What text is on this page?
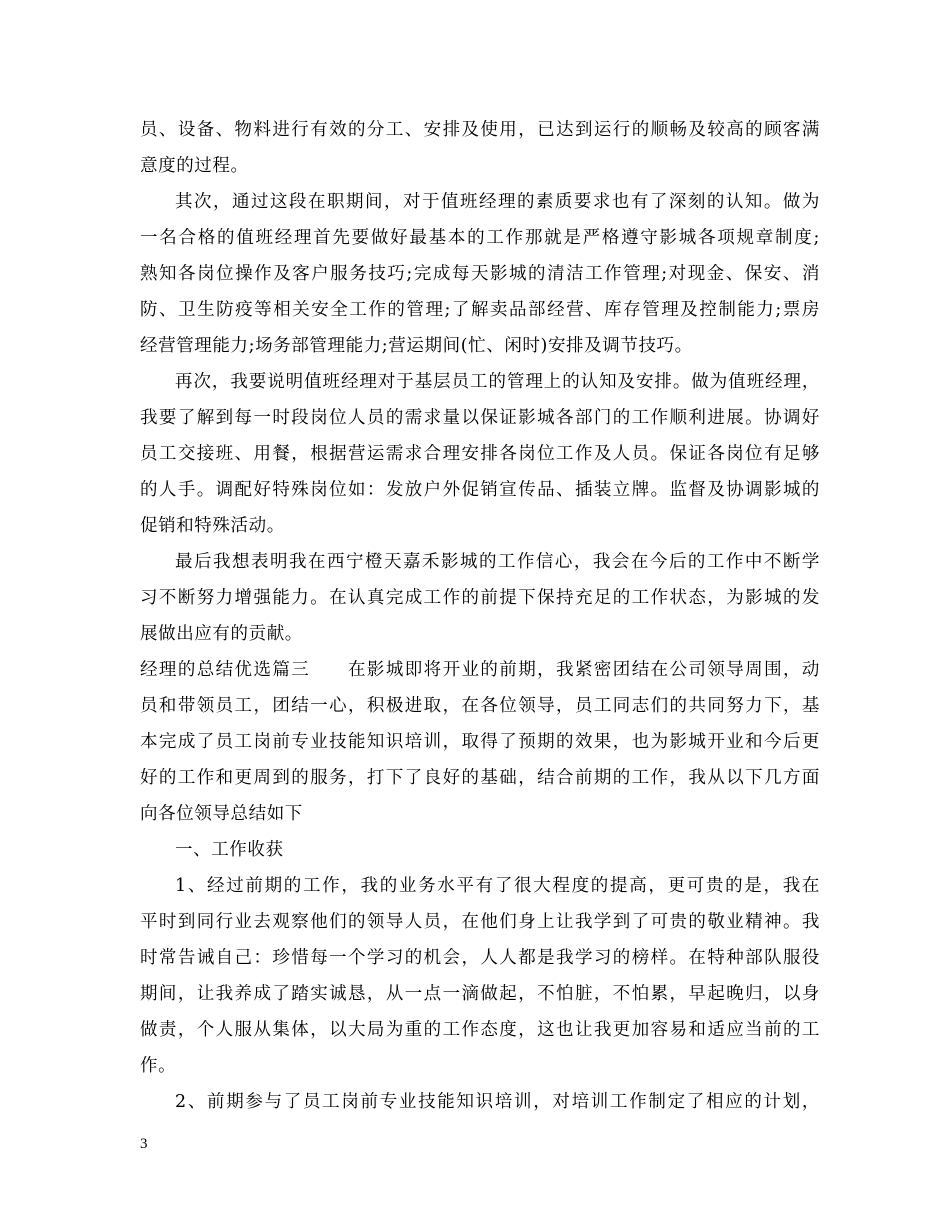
员、设备、物料进行有效的分工、安排及使用，已达到运行的顺畅及较高的顾客满
意度的过程。
其次，通过这段在职期间，对于值班经理的素质要求也有了深刻的认知。做为
一名合格的值班经理首先要做好最基本的工作那就是严格遵守影城各项规章制度;
熟知各岗位操作及客户服务技巧;完成每天影城的清洁工作管理;对现金、保安、消
防、卫生防疫等相关安全工作的管理;了解卖品部经营、库存管理及控制能力;票房
经营管理能力;场务部管理能力;营运期间(忙、闲时)安排及调节技巧。
再次，我要说明值班经理对于基层员工的管理上的认知及安排。做为值班经理，
我要了解到每一时段岗位人员的需求量以保证影城各部门的工作顺利进展。协调好
员工交接班、用餐，根据营运需求合理安排各岗位工作及人员。保证各岗位有足够
的人手。调配好特殊岗位如：发放户外促销宣传品、插装立牌。监督及协调影城的
促销和特殊活动。
最后我想表明我在西宁橙天嘉禾影城的工作信心，我会在今后的工作中不断学
习不断努力增强能力。在认真完成工作的前提下保持充足的工作状态，为影城的发
展做出应有的贡献。
经理的总结优选篇三　　在影城即将开业的前期，我紧密团结在公司领导周围，动
员和带领员工，团结一心，积极进取，在各位领导，员工同志们的共同努力下，基
本完成了员工岗前专业技能知识培训，取得了预期的效果，也为影城开业和今后更
好的工作和更周到的服务，打下了良好的基础，结合前期的工作，我从以下几方面
向各位领导总结如下
一、工作收获
1、经过前期的工作，我的业务水平有了很大程度的提高，更可贵的是，我在
平时到同行业去观察他们的领导人员，在他们身上让我学到了可贵的敬业精神。我
时常告诫自己：珍惜每一个学习的机会，人人都是我学习的榜样。在特种部队服役
期间，让我养成了踏实诚恳，从一点一滴做起，不怕脏，不怕累，早起晚归，以身
做责，个人服从集体，以大局为重的工作态度，这也让我更加容易和适应当前的工
作。
2、前期参与了员工岗前专业技能知识培训，对培训工作制定了相应的计划，
3
